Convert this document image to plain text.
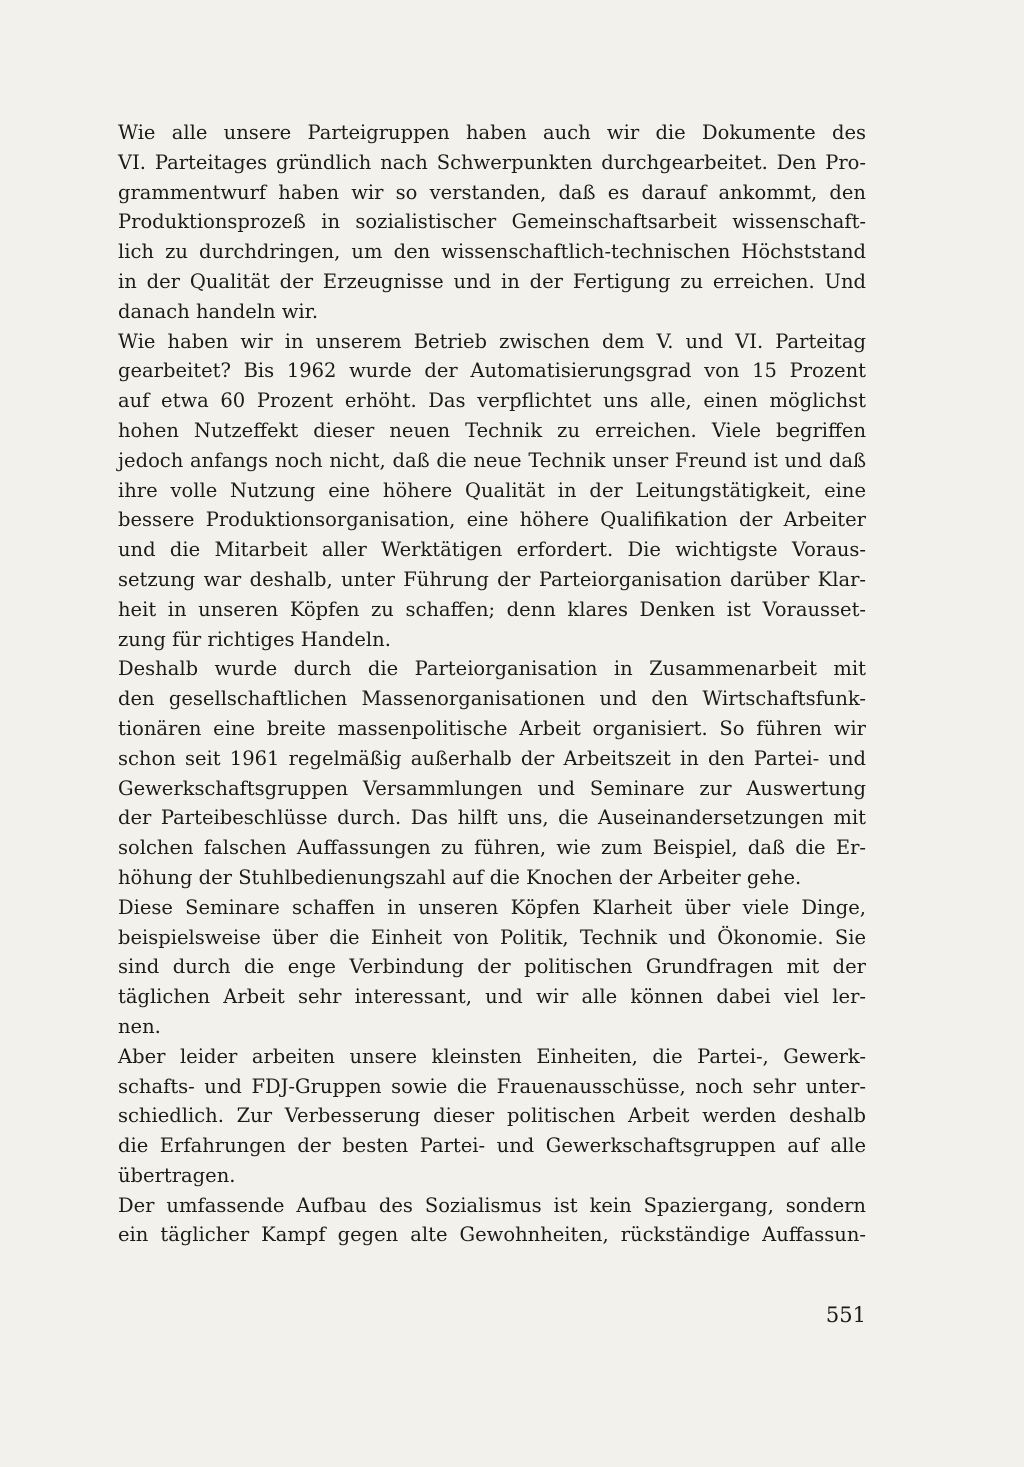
Wie alle unsere Parteigruppen haben auch wir die Dokumente des
VI. Parteitages gründlich nach Schwerpunkten durchgearbeitet. Den Pro-
grammentwurf haben wir so verstanden, daß es darauf ankommt, den
Produktionsprozeß in sozialistischer Gemeinschaftsarbeit wissenschaft-
lich zu durchdringen, um den wissenschaftlich-technischen Höchststand
in der Qualität der Erzeugnisse und in der Fertigung zu erreichen. Und
danach handeln wir.
Wie haben wir in unserem Betrieb zwischen dem V. und VI. Parteitag
gearbeitet? Bis 1962 wurde der Automatisierungsgrad von 15 Prozent
auf etwa 60 Prozent erhöht. Das verpflichtet uns alle, einen möglichst
hohen Nutzeffekt dieser neuen Technik zu erreichen. Viele begriffen
jedoch anfangs noch nicht, daß die neue Technik unser Freund ist und daß
ihre volle Nutzung eine höhere Qualität in der Leitungstätigkeit, eine
bessere Produktionsorganisation, eine höhere Qualifikation der Arbeiter
und die Mitarbeit aller Werktätigen erfordert. Die wichtigste Voraus-
setzung war deshalb, unter Führung der Parteiorganisation darüber Klar-
heit in unseren Köpfen zu schaffen; denn klares Denken ist Vorausset-
zung für richtiges Handeln.
Deshalb wurde durch die Parteiorganisation in Zusammenarbeit mit
den gesellschaftlichen Massenorganisationen und den Wirtschaftsfunk-
tionären eine breite massenpolitische Arbeit organisiert. So führen wir
schon seit 1961 regelmäßig außerhalb der Arbeitszeit in den Partei- und
Gewerkschaftsgruppen Versammlungen und Seminare zur Auswertung
der Parteibeschlüsse durch. Das hilft uns, die Auseinandersetzungen mit
solchen falschen Auffassungen zu führen, wie zum Beispiel, daß die Er-
höhung der Stuhlbedienungszahl auf die Knochen der Arbeiter gehe.
Diese Seminare schaffen in unseren Köpfen Klarheit über viele Dinge,
beispielsweise über die Einheit von Politik, Technik und Ökonomie. Sie
sind durch die enge Verbindung der politischen Grundfragen mit der
täglichen Arbeit sehr interessant, und wir alle können dabei viel ler-
nen.
Aber leider arbeiten unsere kleinsten Einheiten, die Partei-, Gewerk-
schafts- und FDJ-Gruppen sowie die Frauenausschüsse, noch sehr unter-
schiedlich. Zur Verbesserung dieser politischen Arbeit werden deshalb
die Erfahrungen der besten Partei- und Gewerkschaftsgruppen auf alle
übertragen.
Der umfassende Aufbau des Sozialismus ist kein Spaziergang, sondern
ein täglicher Kampf gegen alte Gewohnheiten, rückständige Auffassun-
551
